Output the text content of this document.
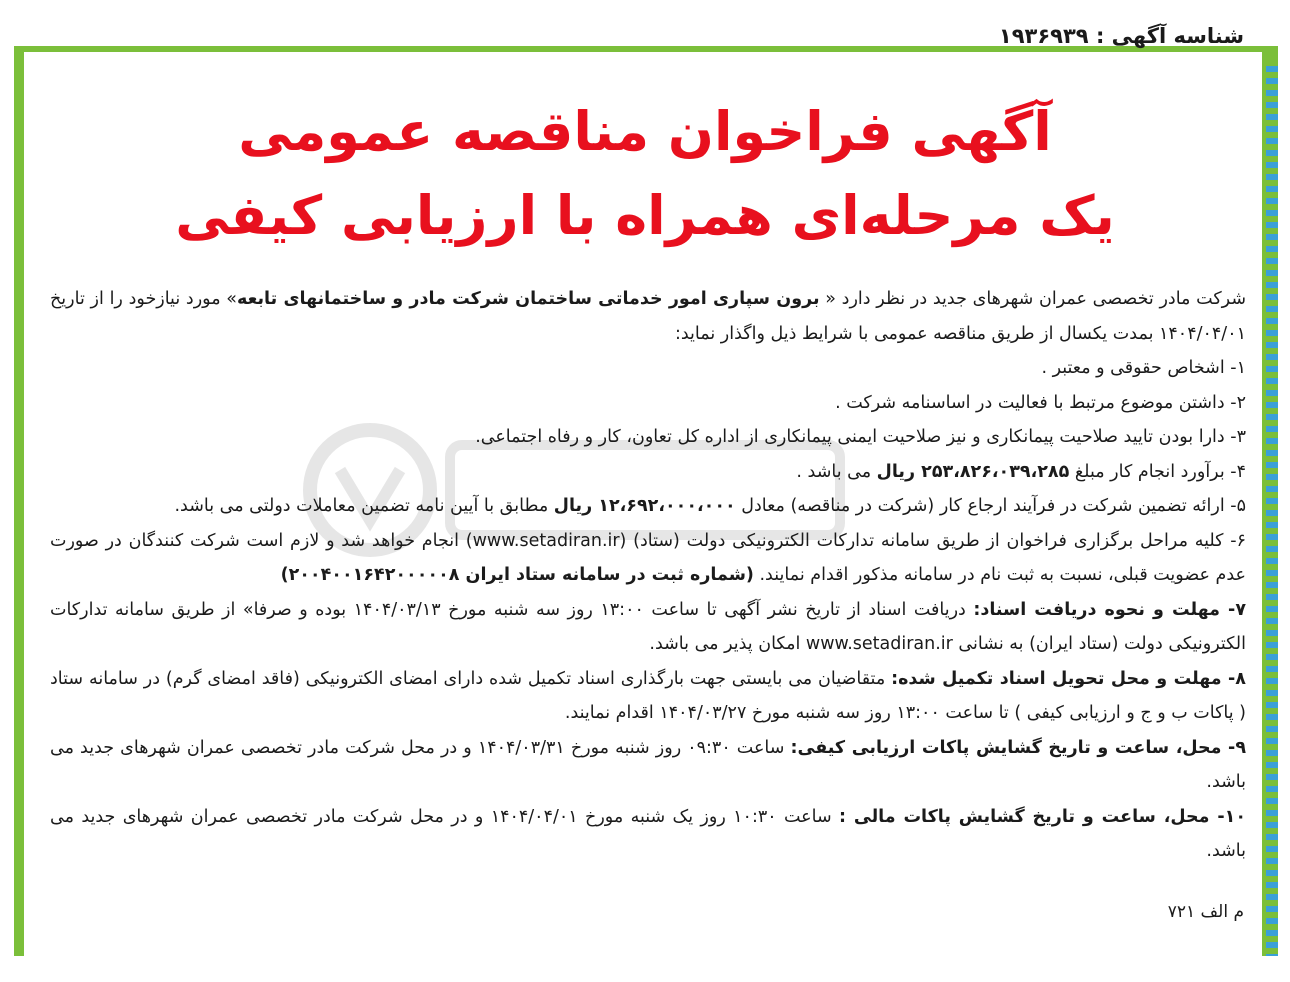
شناسه آگهی : ۱۹۳۶۹۳۹
آگهی فراخوان مناقصه عمومی
یک مرحله‌ای همراه با ارزیابی کیفی

شرکت مادر تخصصی عمران شهرهای جدید در نظر دارد « برون سپاری امور خدماتی ساختمان شرکت مادر و ساختمانهای تابعه» مورد نیازخود را از تاریخ ۱۴۰۴/۰۴/۰۱ بمدت یکسال از طریق مناقصه عمومی با شرایط ذیل واگذار نماید:

۱- اشخاص حقوقی و معتبر .

۲- داشتن موضوع مرتبط با فعالیت در اساسنامه شرکت .

۳- دارا بودن تایید صلاحیت پیمانکاری و نیز صلاحیت ایمنی پیمانکاری از اداره کل تعاون، کار و رفاه اجتماعی.

۴- برآورد انجام کار مبلغ ۲۵۳،۸۲۶،۰۳۹،۲۸۵ ریال می باشد .

۵- ارائه تضمین شرکت در فرآیند ارجاع کار (شرکت در مناقصه) معادل ۱۲،۶۹۲،۰۰۰،۰۰۰ ریال مطابق با آیین نامه تضمین معاملات دولتی می باشد.

۶- کلیه مراحل برگزاری فراخوان از طریق سامانه تدارکات الکترونیکی دولت (ستاد) (www.setadiran.ir) انجام خواهد شد و لازم است شرکت کنندگان در صورت عدم عضویت قبلی، نسبت به ثبت نام در سامانه مذکور اقدام نمایند. (شماره ثبت در سامانه ستاد ایران ۲۰۰۴۰۰۱۶۴۲۰۰۰۰۰۸)

۷- مهلت و نحوه دریافت اسناد: دریافت اسناد از تاریخ نشر آگهی تا ساعت ۱۳:۰۰ روز سه شنبه مورخ ۱۴۰۴/۰۳/۱۳ بوده و صرفا» از طریق سامانه تدارکات الکترونیکی دولت (ستاد ایران) به نشانی www.setadiran.ir امکان پذیر می باشد.

۸- مهلت و محل تحویل اسناد تکمیل شده: متقاضیان می بایستی جهت بارگذاری اسناد تکمیل شده دارای امضای الکترونیکی (فاقد امضای گرم) در سامانه ستاد ( پاکات ب و ج و ارزیابی کیفی ) تا ساعت ۱۳:۰۰ روز سه شنبه مورخ ۱۴۰۴/۰۳/۲۷ اقدام نمایند.

۹- محل، ساعت و تاریخ گشایش پاکات ارزیابی کیفی: ساعت ۰۹:۳۰ روز شنبه مورخ ۱۴۰۴/۰۳/۳۱ و در محل شرکت مادر تخصصی عمران شهرهای جدید می باشد.

۱۰- محل، ساعت و تاریخ گشایش پاکات مالی : ساعت ۱۰:۳۰ روز یک شنبه مورخ ۱۴۰۴/۰۴/۰۱ و در محل شرکت مادر تخصصی عمران شهرهای جدید می باشد.

م الف ۷۲۱
